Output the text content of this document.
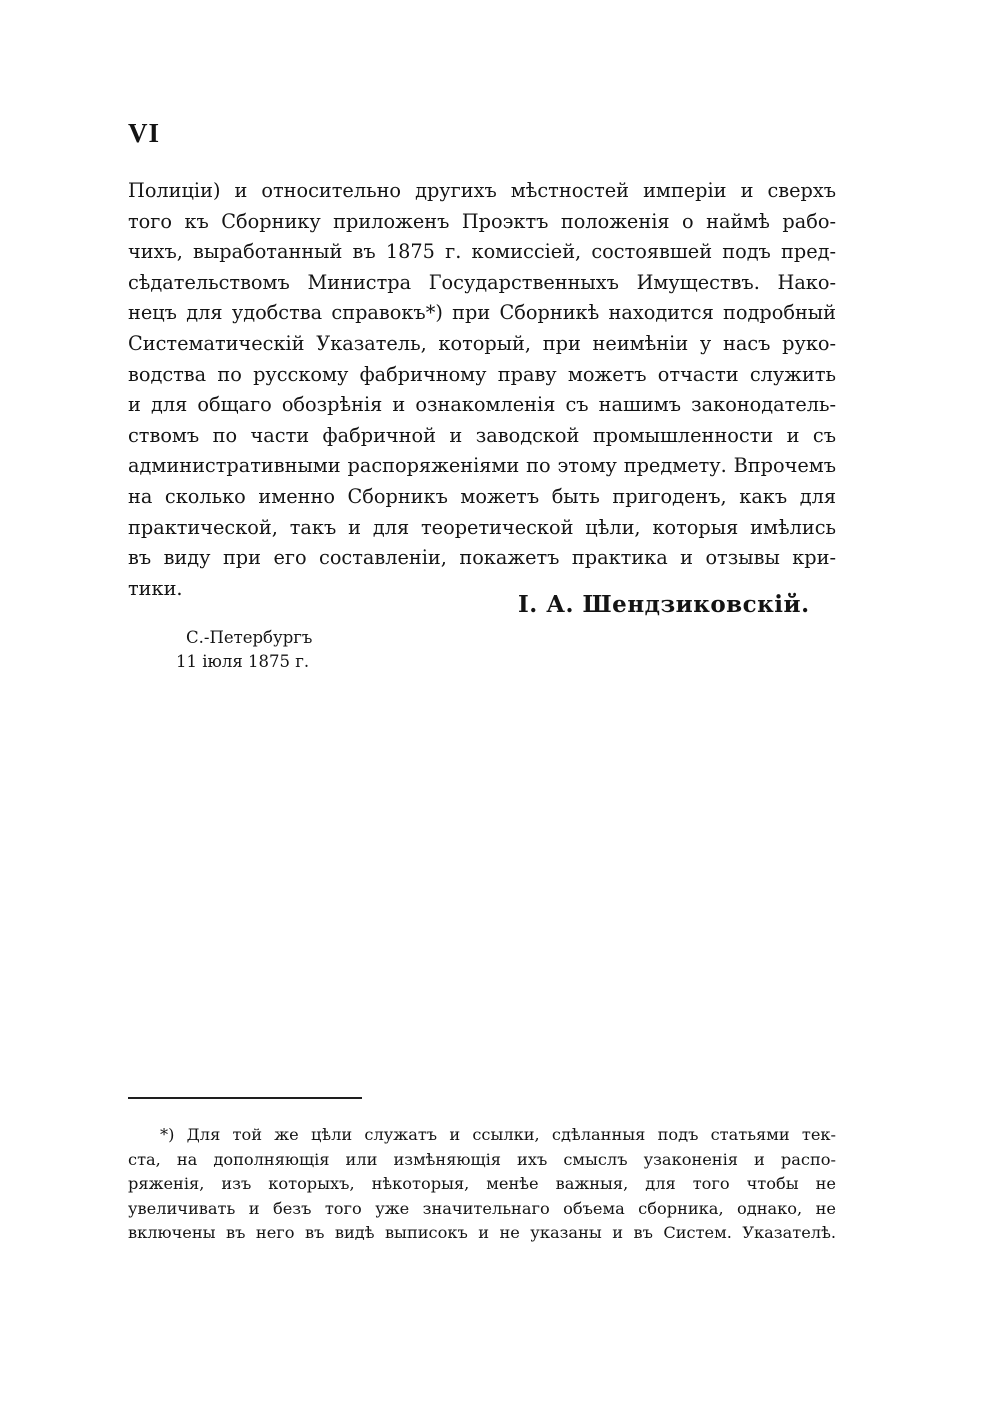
VI
Полиціи) и относительно другихъ мѣстностей имперіи и сверхъ
того къ Сборнику приложенъ Проэктъ положенія о наймѣ рабо-
чихъ, выработанный въ 1875 г. комиссіей, состоявшей подъ пред-
сѣдательствомъ Министра Государственныхъ Имуществъ. Нако-
нецъ для удобства справокъ*) при Сборникѣ находится подробный
Систематическій Указатель, который, при неимѣніи у насъ руко-
водства по русскому фабричному праву можетъ отчасти служить
и для общаго обозрѣнія и ознакомленія съ нашимъ законодатель-
ствомъ по части фабричной и заводской промышленности и съ
административными распоряженіями по этому предмету. Впрочемъ
на сколько именно Сборникъ можетъ быть пригоденъ, какъ для
практической, такъ и для теоретической цѣли, которыя имѣлись
въ виду при его составленіи, покажетъ практика и отзывы кри-
тики.
I. А. Шендзиковскій.
С.-Петербургъ
11 іюля 1875 г.
*) Для той же цѣли служатъ и ссылки, сдѣланныя подъ статьями тек-
ста, на дополняющія или измѣняющія ихъ смыслъ узаконенія и распо-
ряженія, изъ которыхъ, нѣкоторыя, менѣе важныя, для того чтобы не
увеличивать и безъ того уже значительнаго объема сборника, однако, не
включены въ него въ видѣ выписокъ и не указаны и въ Систем. Указателѣ.
